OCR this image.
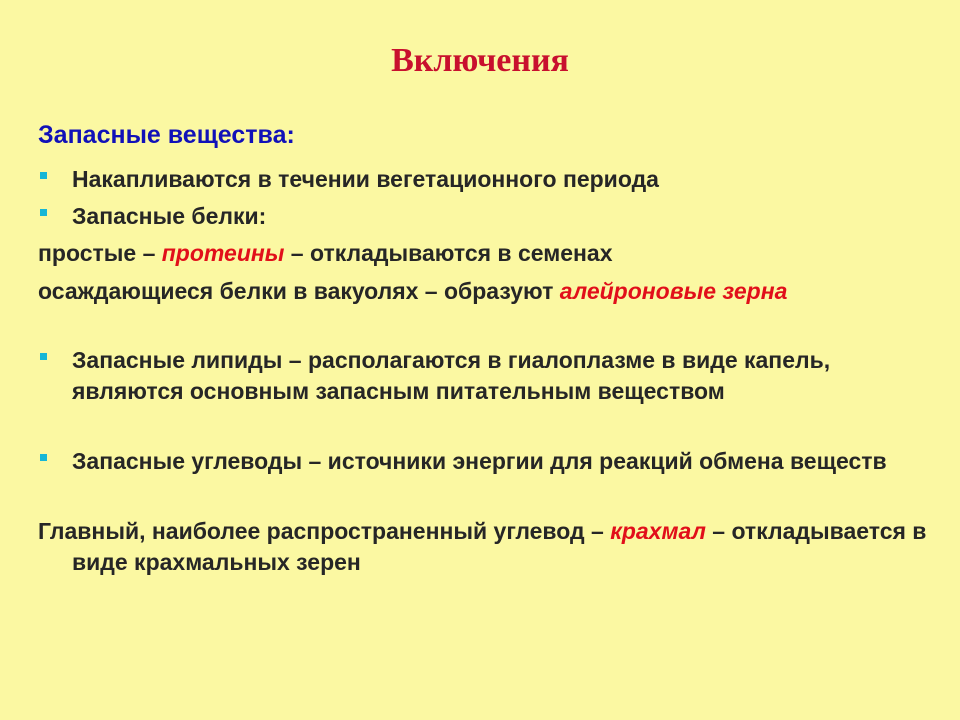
Включения
Запасные вещества:
Накапливаются в течении вегетационного периода
Запасные белки:
простые – протеины – откладываются в семенах
осаждающиеся белки в вакуолях – образуют алейроновые зерна
Запасные липиды – располагаются в гиалоплазме в виде капель, являются основным запасным питательным веществом
Запасные углеводы – источники энергии для реакций обмена веществ
Главный, наиболее распространенный углевод – крахмал – откладывается в виде крахмальных зерен
